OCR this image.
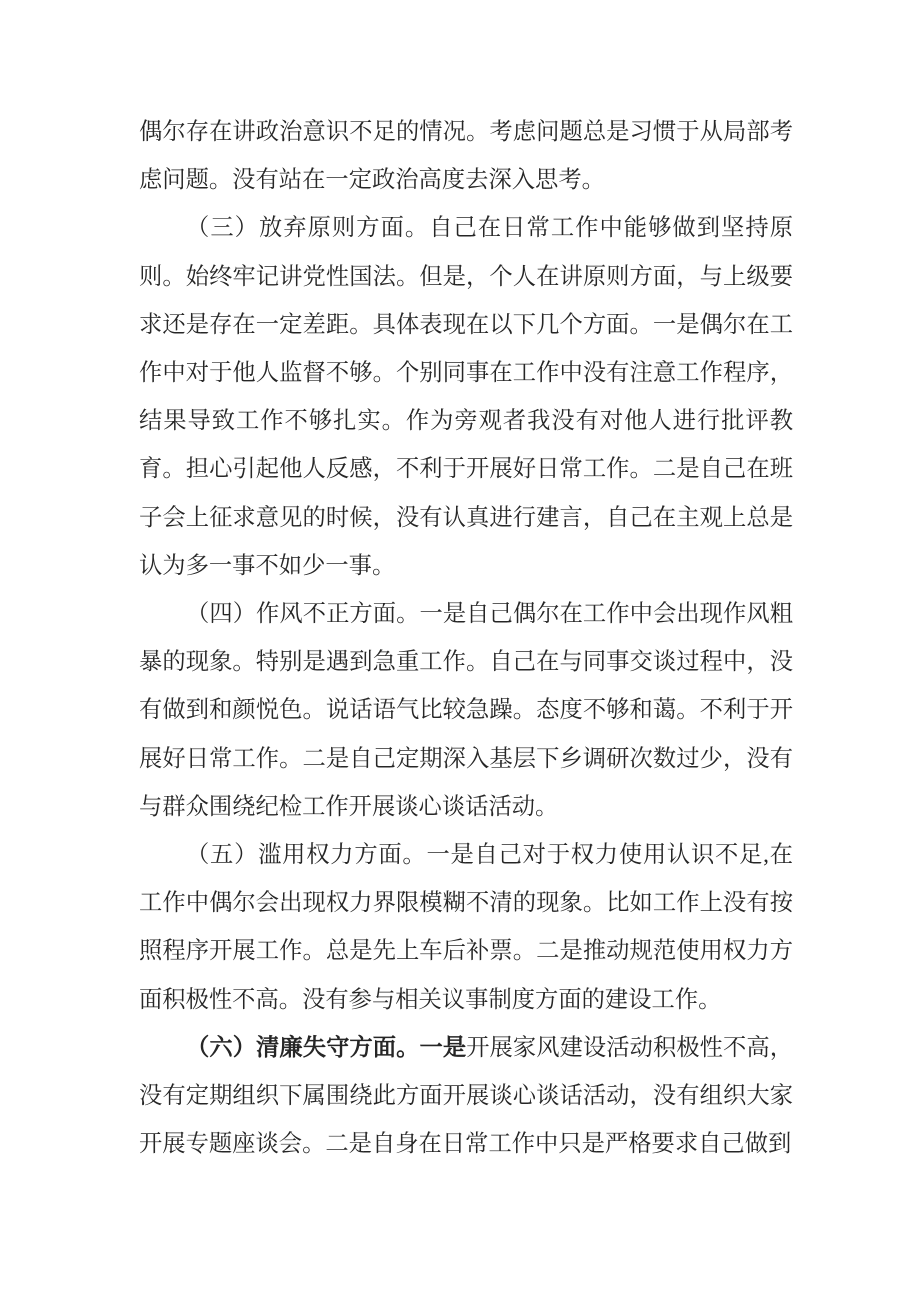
偶尔存在讲政治意识不足的情况。考虑问题总是习惯于从局部考虑问题。没有站在一定政治高度去深入思考。

（三）放弃原则方面。自己在日常工作中能够做到坚持原则。始终牢记讲党性国法。但是，个人在讲原则方面，与上级要求还是存在一定差距。具体表现在以下几个方面。一是偶尔在工作中对于他人监督不够。个别同事在工作中没有注意工作程序，结果导致工作不够扎实。作为旁观者我没有对他人进行批评教育。担心引起他人反感，不利于开展好日常工作。二是自己在班子会上征求意见的时候，没有认真进行建言，自己在主观上总是认为多一事不如少一事。

（四）作风不正方面。一是自己偶尔在工作中会出现作风粗暴的现象。特别是遇到急重工作。自己在与同事交谈过程中，没有做到和颜悦色。说话语气比较急躁。态度不够和蔼。不利于开展好日常工作。二是自己定期深入基层下乡调研次数过少，没有与群众围绕纪检工作开展谈心谈话活动。

（五）滥用权力方面。一是自己对于权力使用认识不足,在工作中偶尔会出现权力界限模糊不清的现象。比如工作上没有按照程序开展工作。总是先上车后补票。二是推动规范使用权力方面积极性不高。没有参与相关议事制度方面的建设工作。

（六）清廉失守方面。一是开展家风建设活动积极性不高，没有定期组织下属围绕此方面开展谈心谈话活动，没有组织大家开展专题座谈会。二是自身在日常工作中只是严格要求自己做到
